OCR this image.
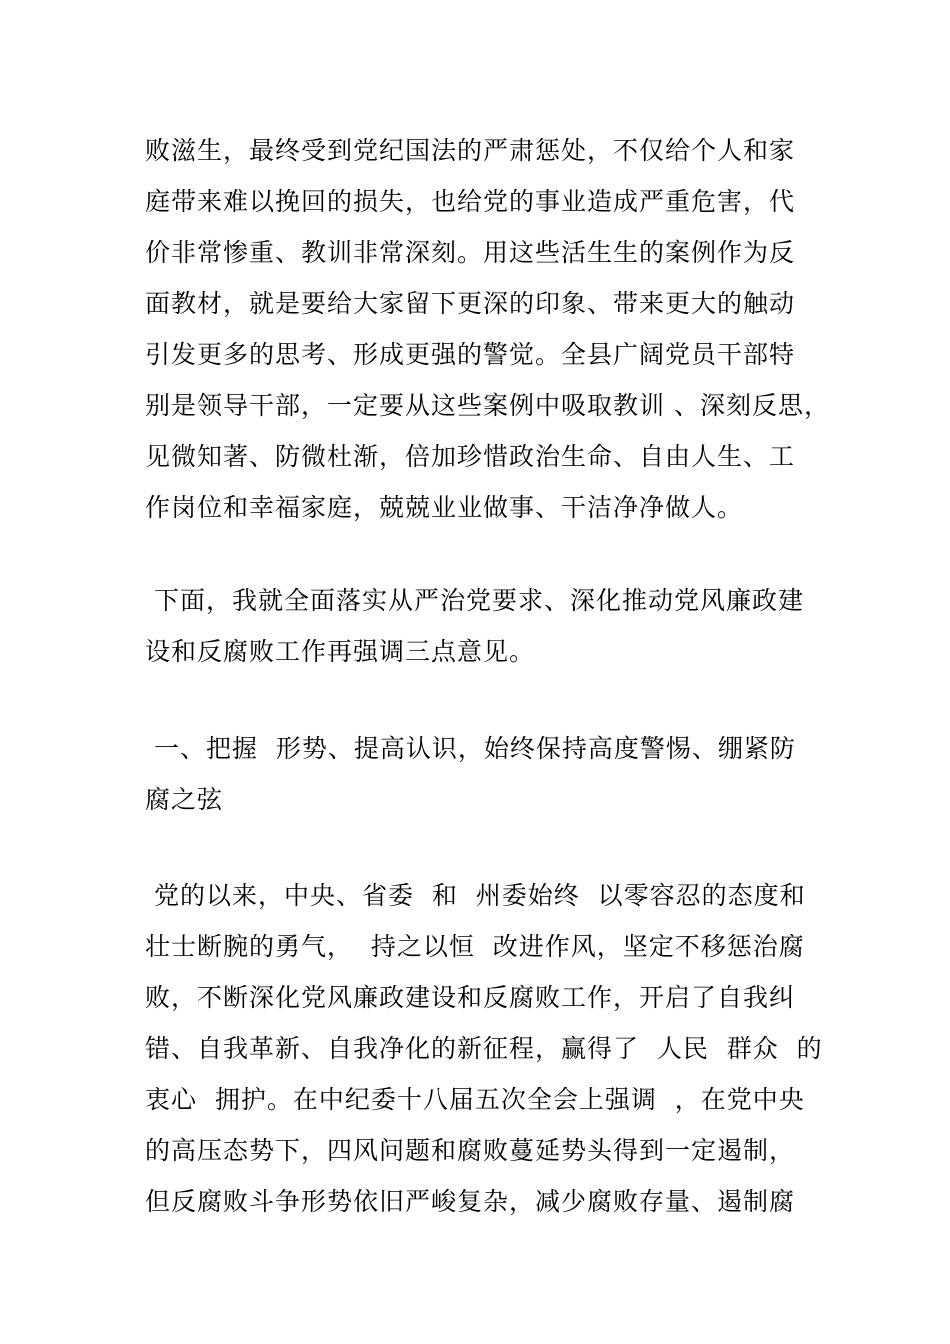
败滋生，最终受到党纪国法的严肃惩处，不仅给个人和家
庭带来难以挽回的损失，也给党的事业造成严重危害，代
价非常惨重、教训非常深刻。用这些活生生的案例作为反
面教材，就是要给大家留下更深的印象、带来更大的触动
引发更多的思考、形成更强的警觉。全县广阔党员干部特
别是领导干部，一定要从这些案例中吸取教训 、深刻反思，
见微知著、防微杜渐，倍加珍惜政治生命、自由人生、工
作岗位和幸福家庭，兢兢业业做事、干洁净净做人。
下面，我就全面落实从严治党要求、深化推动党风廉政建
设和反腐败工作再强调三点意见。
一、把握  形势、提高认识，始终保持高度警惕、绷紧防
腐之弦
党的以来，中央、省委  和  州委始终  以零容忍的态度和
壮士断腕的勇气，  持之以恒  改进作风，坚定不移惩治腐
败，不断深化党风廉政建设和反腐败工作，开启了自我纠
错、自我革新、自我净化的新征程，赢得了  人民  群众  的
衷心  拥护。在中纪委十八届五次全会上强调  ，在党中央
的高压态势下，四风问题和腐败蔓延势头得到一定遏制，
但反腐败斗争形势依旧严峻复杂，减少腐败存量、遏制腐
